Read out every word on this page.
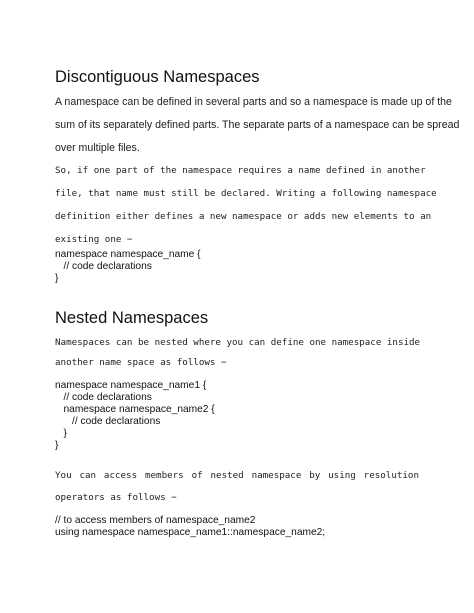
Discontiguous Namespaces
A namespace can be defined in several parts and so a namespace is made up of the
sum of its separately defined parts. The separate parts of a namespace can be spread
over multiple files.
So, if one part of the namespace requires a name defined in another
file, that name must still be declared. Writing a following namespace
definition either defines a new namespace or adds new elements to an
existing one −
namespace namespace_name {
// code declarations
}
Nested Namespaces
Namespaces can be nested where you can define one namespace inside
another name space as follows −
namespace namespace_name1 {
// code declarations
namespace namespace_name2 {
// code declarations
}
}
You can access members of nested namespace by using resolution
operators as follows −
// to access members of namespace_name2
using namespace namespace_name1::namespace_name2;
